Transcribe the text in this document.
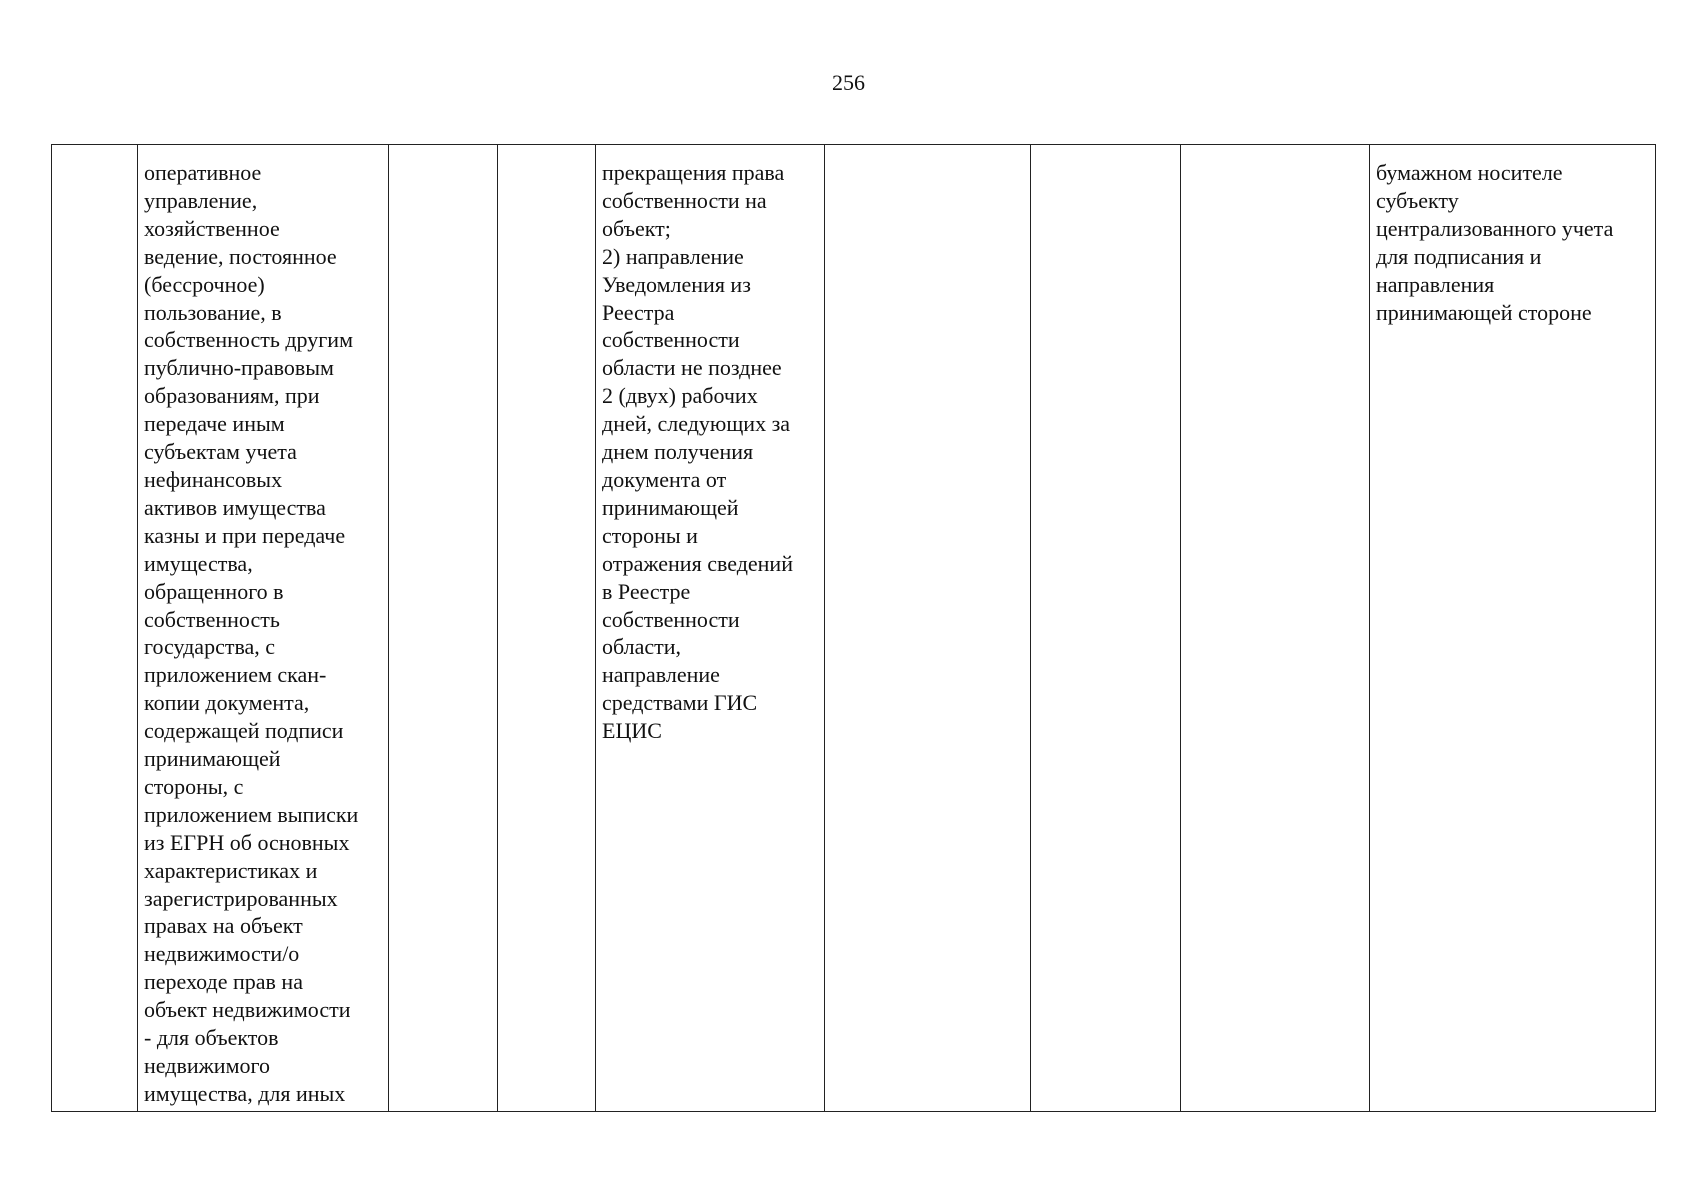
256
	оперативное
управление,
хозяйственное
ведение, постоянное
(бессрочное)
пользование, в
собственность другим
публично-правовым
образованиям, при
передаче иным
субъектам учета
нефинансовых
активов имущества
казны и при передаче
имущества,
обращенного в
собственность
государства, с
приложением скан-
копии документа,
содержащей подписи
принимающей
стороны, с
приложением выписки
из ЕГРН об основных
характеристиках и
зарегистрированных
правах на объект
недвижимости/о
переходе прав на
объект недвижимости
- для объектов
недвижимого
имущества, для иных			прекращения права
собственности на
объект;
2) направление
Уведомления из
Реестра
собственности
области не позднее
2 (двух) рабочих
дней, следующих за
днем получения
документа от
принимающей
стороны и
отражения сведений
в Реестре
собственности
области,
направление
средствами ГИС
ЕЦИС				бумажном носителе
субъекту
централизованного учета
для подписания и
направления
принимающей стороне
